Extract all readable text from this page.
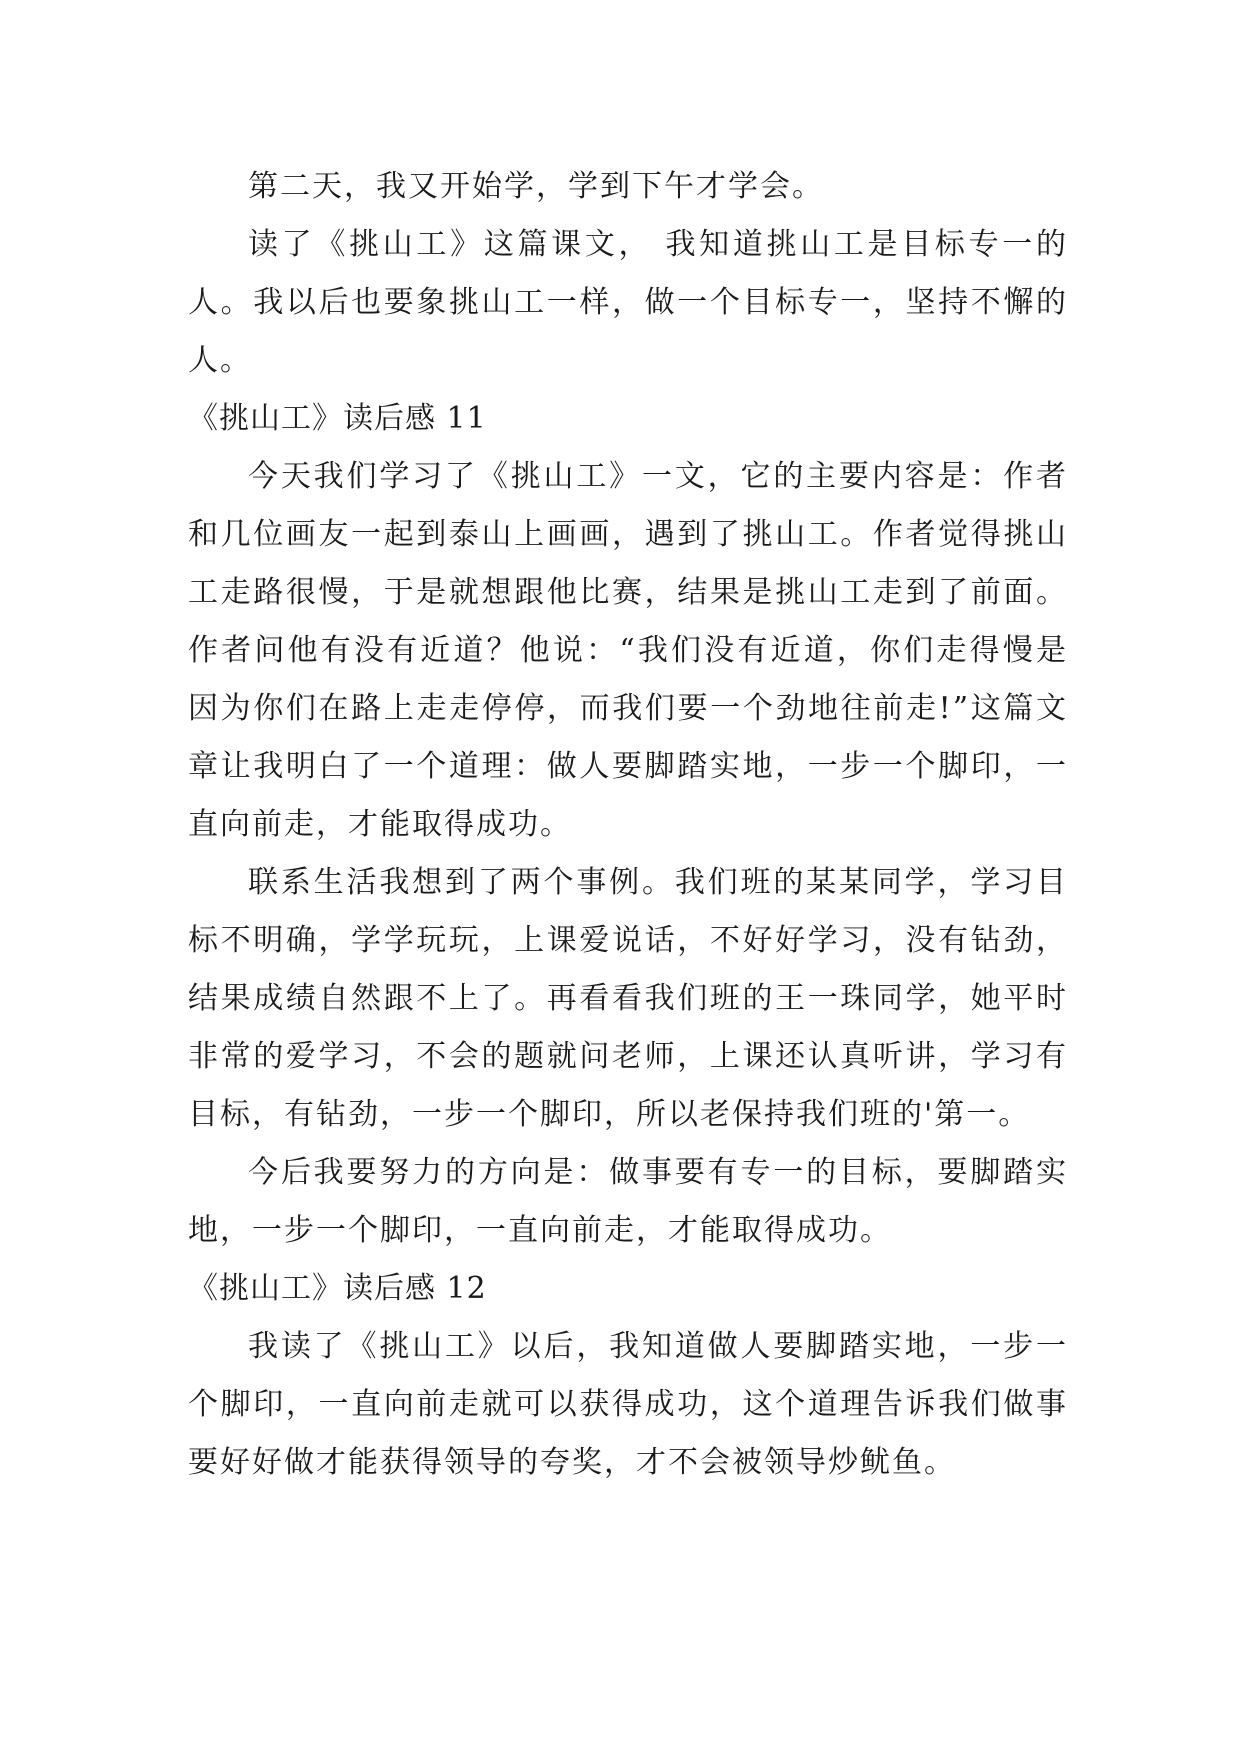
第二天，我又开始学，学到下午才学会。

读了《挑山工》这篇课文， 我知道挑山工是目标专一的人。我以后也要象挑山工一样，做一个目标专一，坚持不懈的人。

《挑山工》读后感 11

今天我们学习了《挑山工》一文，它的主要内容是：作者和几位画友一起到泰山上画画，遇到了挑山工。作者觉得挑山工走路很慢，于是就想跟他比赛，结果是挑山工走到了前面。作者问他有没有近道？他说：“我们没有近道，你们走得慢是因为你们在路上走走停停，而我们要一个劲地往前走!”这篇文章让我明白了一个道理：做人要脚踏实地，一步一个脚印，一直向前走，才能取得成功。

联系生活我想到了两个事例。我们班的某某同学，学习目标不明确，学学玩玩，上课爱说话，不好好学习，没有钻劲，结果成绩自然跟不上了。再看看我们班的王一珠同学，她平时非常的爱学习，不会的题就问老师，上课还认真听讲，学习有目标，有钻劲，一步一个脚印，所以老保持我们班的'第一。

今后我要努力的方向是：做事要有专一的目标，要脚踏实地，一步一个脚印，一直向前走，才能取得成功。

《挑山工》读后感 12

我读了《挑山工》以后，我知道做人要脚踏实地，一步一个脚印，一直向前走就可以获得成功，这个道理告诉我们做事要好好做才能获得领导的夸奖，才不会被领导炒鱿鱼。
